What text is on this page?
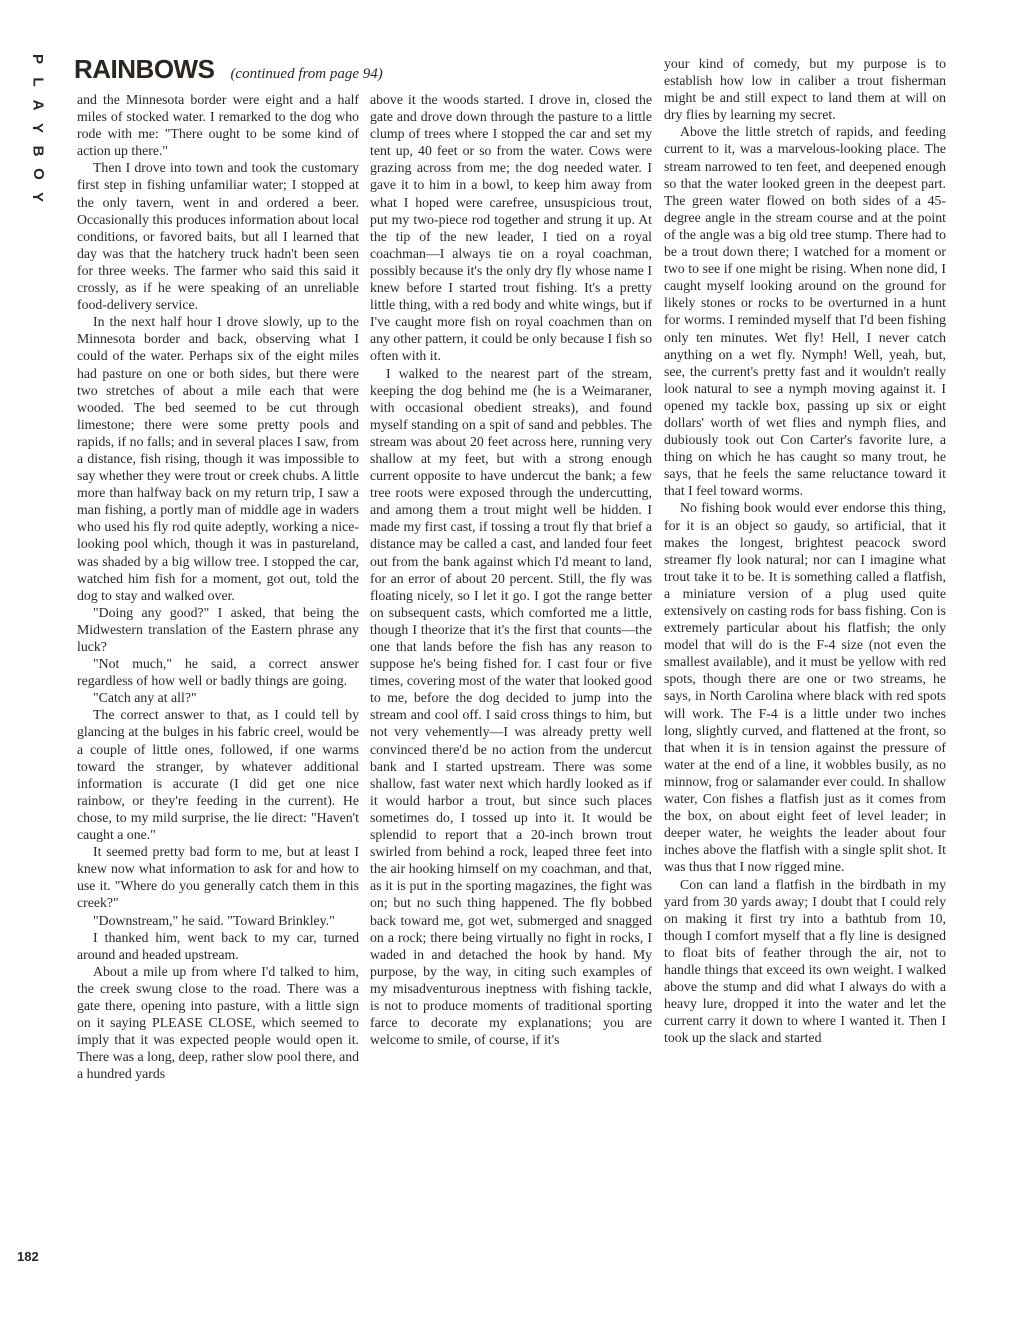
P
L
A
Y
B
O
Y
182
RAINBOWS (continued from page 94)

and the Minnesota border were eight and a half miles of stocked water. I remarked to the dog who rode with me: "There ought to be some kind of action up there."

Then I drove into town and took the customary first step in fishing unfamiliar water; I stopped at the only tavern, went in and ordered a beer. Occasionally this produces information about local conditions, or favored baits, but all I learned that day was that the hatchery truck hadn't been seen for three weeks. The farmer who said this said it crossly, as if he were speaking of an unreliable food-delivery service.

In the next half hour I drove slowly, up to the Minnesota border and back, observing what I could of the water. Perhaps six of the eight miles had pasture on one or both sides, but there were two stretches of about a mile each that were wooded. The bed seemed to be cut through limestone; there were some pretty pools and rapids, if no falls; and in several places I saw, from a distance, fish rising, though it was impossible to say whether they were trout or creek chubs. A little more than halfway back on my return trip, I saw a man fishing, a portly man of middle age in waders who used his fly rod quite adeptly, working a nice-looking pool which, though it was in pastureland, was shaded by a big willow tree. I stopped the car, watched him fish for a moment, got out, told the dog to stay and walked over.

"Doing any good?" I asked, that being the Midwestern translation of the Eastern phrase any luck?

"Not much," he said, a correct answer regardless of how well or badly things are going.

"Catch any at all?"

The correct answer to that, as I could tell by glancing at the bulges in his fabric creel, would be a couple of little ones, followed, if one warms toward the stranger, by whatever additional information is accurate (I did get one nice rainbow, or they're feeding in the current). He chose, to my mild surprise, the lie direct: "Haven't caught a one."

It seemed pretty bad form to me, but at least I knew now what information to ask for and how to use it. "Where do you generally catch them in this creek?"

"Downstream," he said. "Toward Brinkley."

I thanked him, went back to my car, turned around and headed upstream.

About a mile up from where I'd talked to him, the creek swung close to the road. There was a gate there, opening into pasture, with a little sign on it saying PLEASE CLOSE, which seemed to imply that it was expected people would open it. There was a long, deep, rather slow pool there, and a hundred yards

above it the woods started. I drove in, closed the gate and drove down through the pasture to a little clump of trees where I stopped the car and set my tent up, 40 feet or so from the water. Cows were grazing across from me; the dog needed water. I gave it to him in a bowl, to keep him away from what I hoped were carefree, unsuspicious trout, put my two-piece rod together and strung it up. At the tip of the new leader, I tied on a royal coachman—I always tie on a royal coachman, possibly because it's the only dry fly whose name I knew before I started trout fishing. It's a pretty little thing, with a red body and white wings, but if I've caught more fish on royal coachmen than on any other pattern, it could be only because I fish so often with it.

I walked to the nearest part of the stream, keeping the dog behind me (he is a Weimaraner, with occasional obedient streaks), and found myself standing on a spit of sand and pebbles. The stream was about 20 feet across here, running very shallow at my feet, but with a strong enough current opposite to have undercut the bank; a few tree roots were exposed through the undercutting, and among them a trout might well be hidden. I made my first cast, if tossing a trout fly that brief a distance may be called a cast, and landed four feet out from the bank against which I'd meant to land, for an error of about 20 percent. Still, the fly was floating nicely, so I let it go. I got the range better on subsequent casts, which comforted me a little, though I theorize that it's the first that counts—the one that lands before the fish has any reason to suppose he's being fished for. I cast four or five times, covering most of the water that looked good to me, before the dog decided to jump into the stream and cool off. I said cross things to him, but not very vehemently—I was already pretty well convinced there'd be no action from the undercut bank and I started upstream. There was some shallow, fast water next which hardly looked as if it would harbor a trout, but since such places sometimes do, I tossed up into it. It would be splendid to report that a 20-inch brown trout swirled from behind a rock, leaped three feet into the air hooking himself on my coachman, and that, as it is put in the sporting magazines, the fight was on; but no such thing happened. The fly bobbed back toward me, got wet, submerged and snagged on a rock; there being virtually no fight in rocks, I waded in and detached the hook by hand. My purpose, by the way, in citing such examples of my misadventurous ineptness with fishing tackle, is not to produce moments of traditional sporting farce to decorate my explanations; you are welcome to smile, of course, if it's

your kind of comedy, but my purpose is to establish how low in caliber a trout fisherman might be and still expect to land them at will on dry flies by learning my secret.

Above the little stretch of rapids, and feeding current to it, was a marvelous-looking place. The stream narrowed to ten feet, and deepened enough so that the water looked green in the deepest part. The green water flowed on both sides of a 45-degree angle in the stream course and at the point of the angle was a big old tree stump. There had to be a trout down there; I watched for a moment or two to see if one might be rising. When none did, I caught myself looking around on the ground for likely stones or rocks to be overturned in a hunt for worms. I reminded myself that I'd been fishing only ten minutes. Wet fly! Hell, I never catch anything on a wet fly. Nymph! Well, yeah, but, see, the current's pretty fast and it wouldn't really look natural to see a nymph moving against it. I opened my tackle box, passing up six or eight dollars' worth of wet flies and nymph flies, and dubiously took out Con Carter's favorite lure, a thing on which he has caught so many trout, he says, that he feels the same reluctance toward it that I feel toward worms.

No fishing book would ever endorse this thing, for it is an object so gaudy, so artificial, that it makes the longest, brightest peacock sword streamer fly look natural; nor can I imagine what trout take it to be. It is something called a flatfish, a miniature version of a plug used quite extensively on casting rods for bass fishing. Con is extremely particular about his flatfish; the only model that will do is the F-4 size (not even the smallest available), and it must be yellow with red spots, though there are one or two streams, he says, in North Carolina where black with red spots will work. The F-4 is a little under two inches long, slightly curved, and flattened at the front, so that when it is in tension against the pressure of water at the end of a line, it wobbles busily, as no minnow, frog or salamander ever could. In shallow water, Con fishes a flatfish just as it comes from the box, on about eight feet of level leader; in deeper water, he weights the leader about four inches above the flatfish with a single split shot. It was thus that I now rigged mine.

Con can land a flatfish in the birdbath in my yard from 30 yards away; I doubt that I could rely on making it first try into a bathtub from 10, though I comfort myself that a fly line is designed to float bits of feather through the air, not to handle things that exceed its own weight. I walked above the stump and did what I always do with a heavy lure, dropped it into the water and let the current carry it down to where I wanted it. Then I took up the slack and started
